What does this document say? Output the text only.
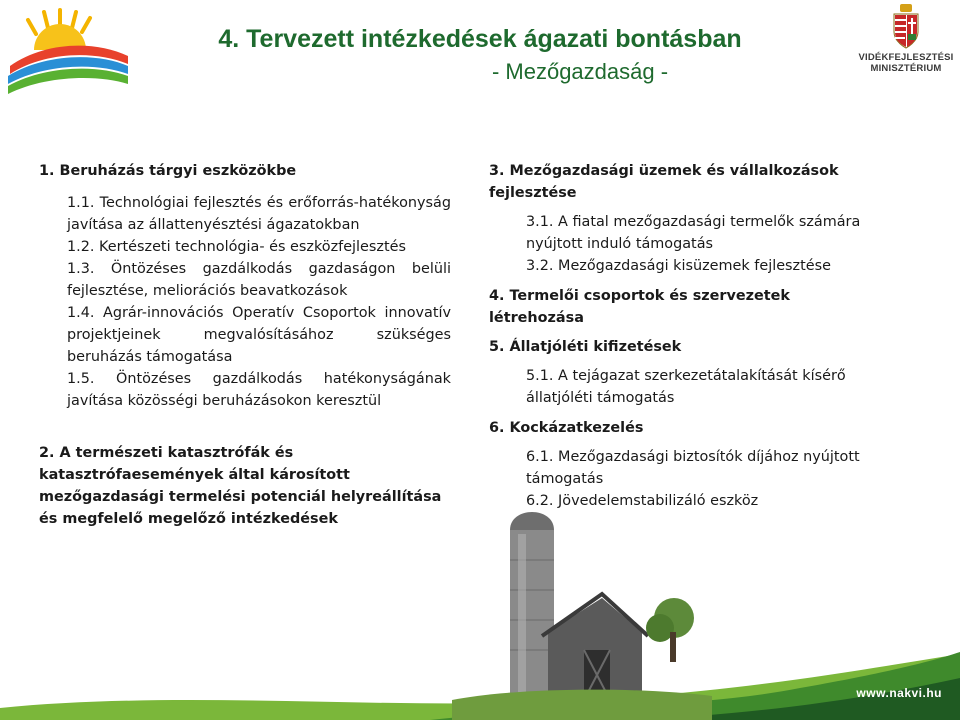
4. Tervezett intézkedések ágazati bontásban
- Mezőgazdaság -
VIDÉKFEJLESZTÉSI
MINISZTÉRIUM
1. Beruházás tárgyi eszközökbe
1.1. Technológiai fejlesztés és erőforrás-hatékonyság javítása az állattenyésztési ágazatokban
1.2. Kertészeti technológia- és eszközfejlesztés
1.3. Öntözéses gazdálkodás gazdaságon belüli fejlesztése, meliorációs beavatkozások
1.4. Agrár-innovációs Operatív Csoportok innovatív projektjeinek megvalósításához szükséges beruházás támogatása
1.5. Öntözéses gazdálkodás hatékonyságának javítása közösségi beruházásokon keresztül
2. A természeti katasztrófák és katasztrófaesemények által károsított mezőgazdasági termelési potenciál helyreállítása és megfelelő megelőző intézkedések
3. Mezőgazdasági üzemek és vállalkozások fejlesztése
3.1. A fiatal mezőgazdasági termelők számára nyújtott induló támogatás
3.2. Mezőgazdasági kisüzemek fejlesztése
4. Termelői csoportok és szervezetek létrehozása
5. Állatjóléti kifizetések
5.1. A tejágazat szerkezetátalakítását kísérő állatjóléti támogatás
6. Kockázatkezelés
6.1. Mezőgazdasági biztosítók díjához nyújtott támogatás
6.2. Jövedelemstabilizáló eszköz
www.nakvi.hu
